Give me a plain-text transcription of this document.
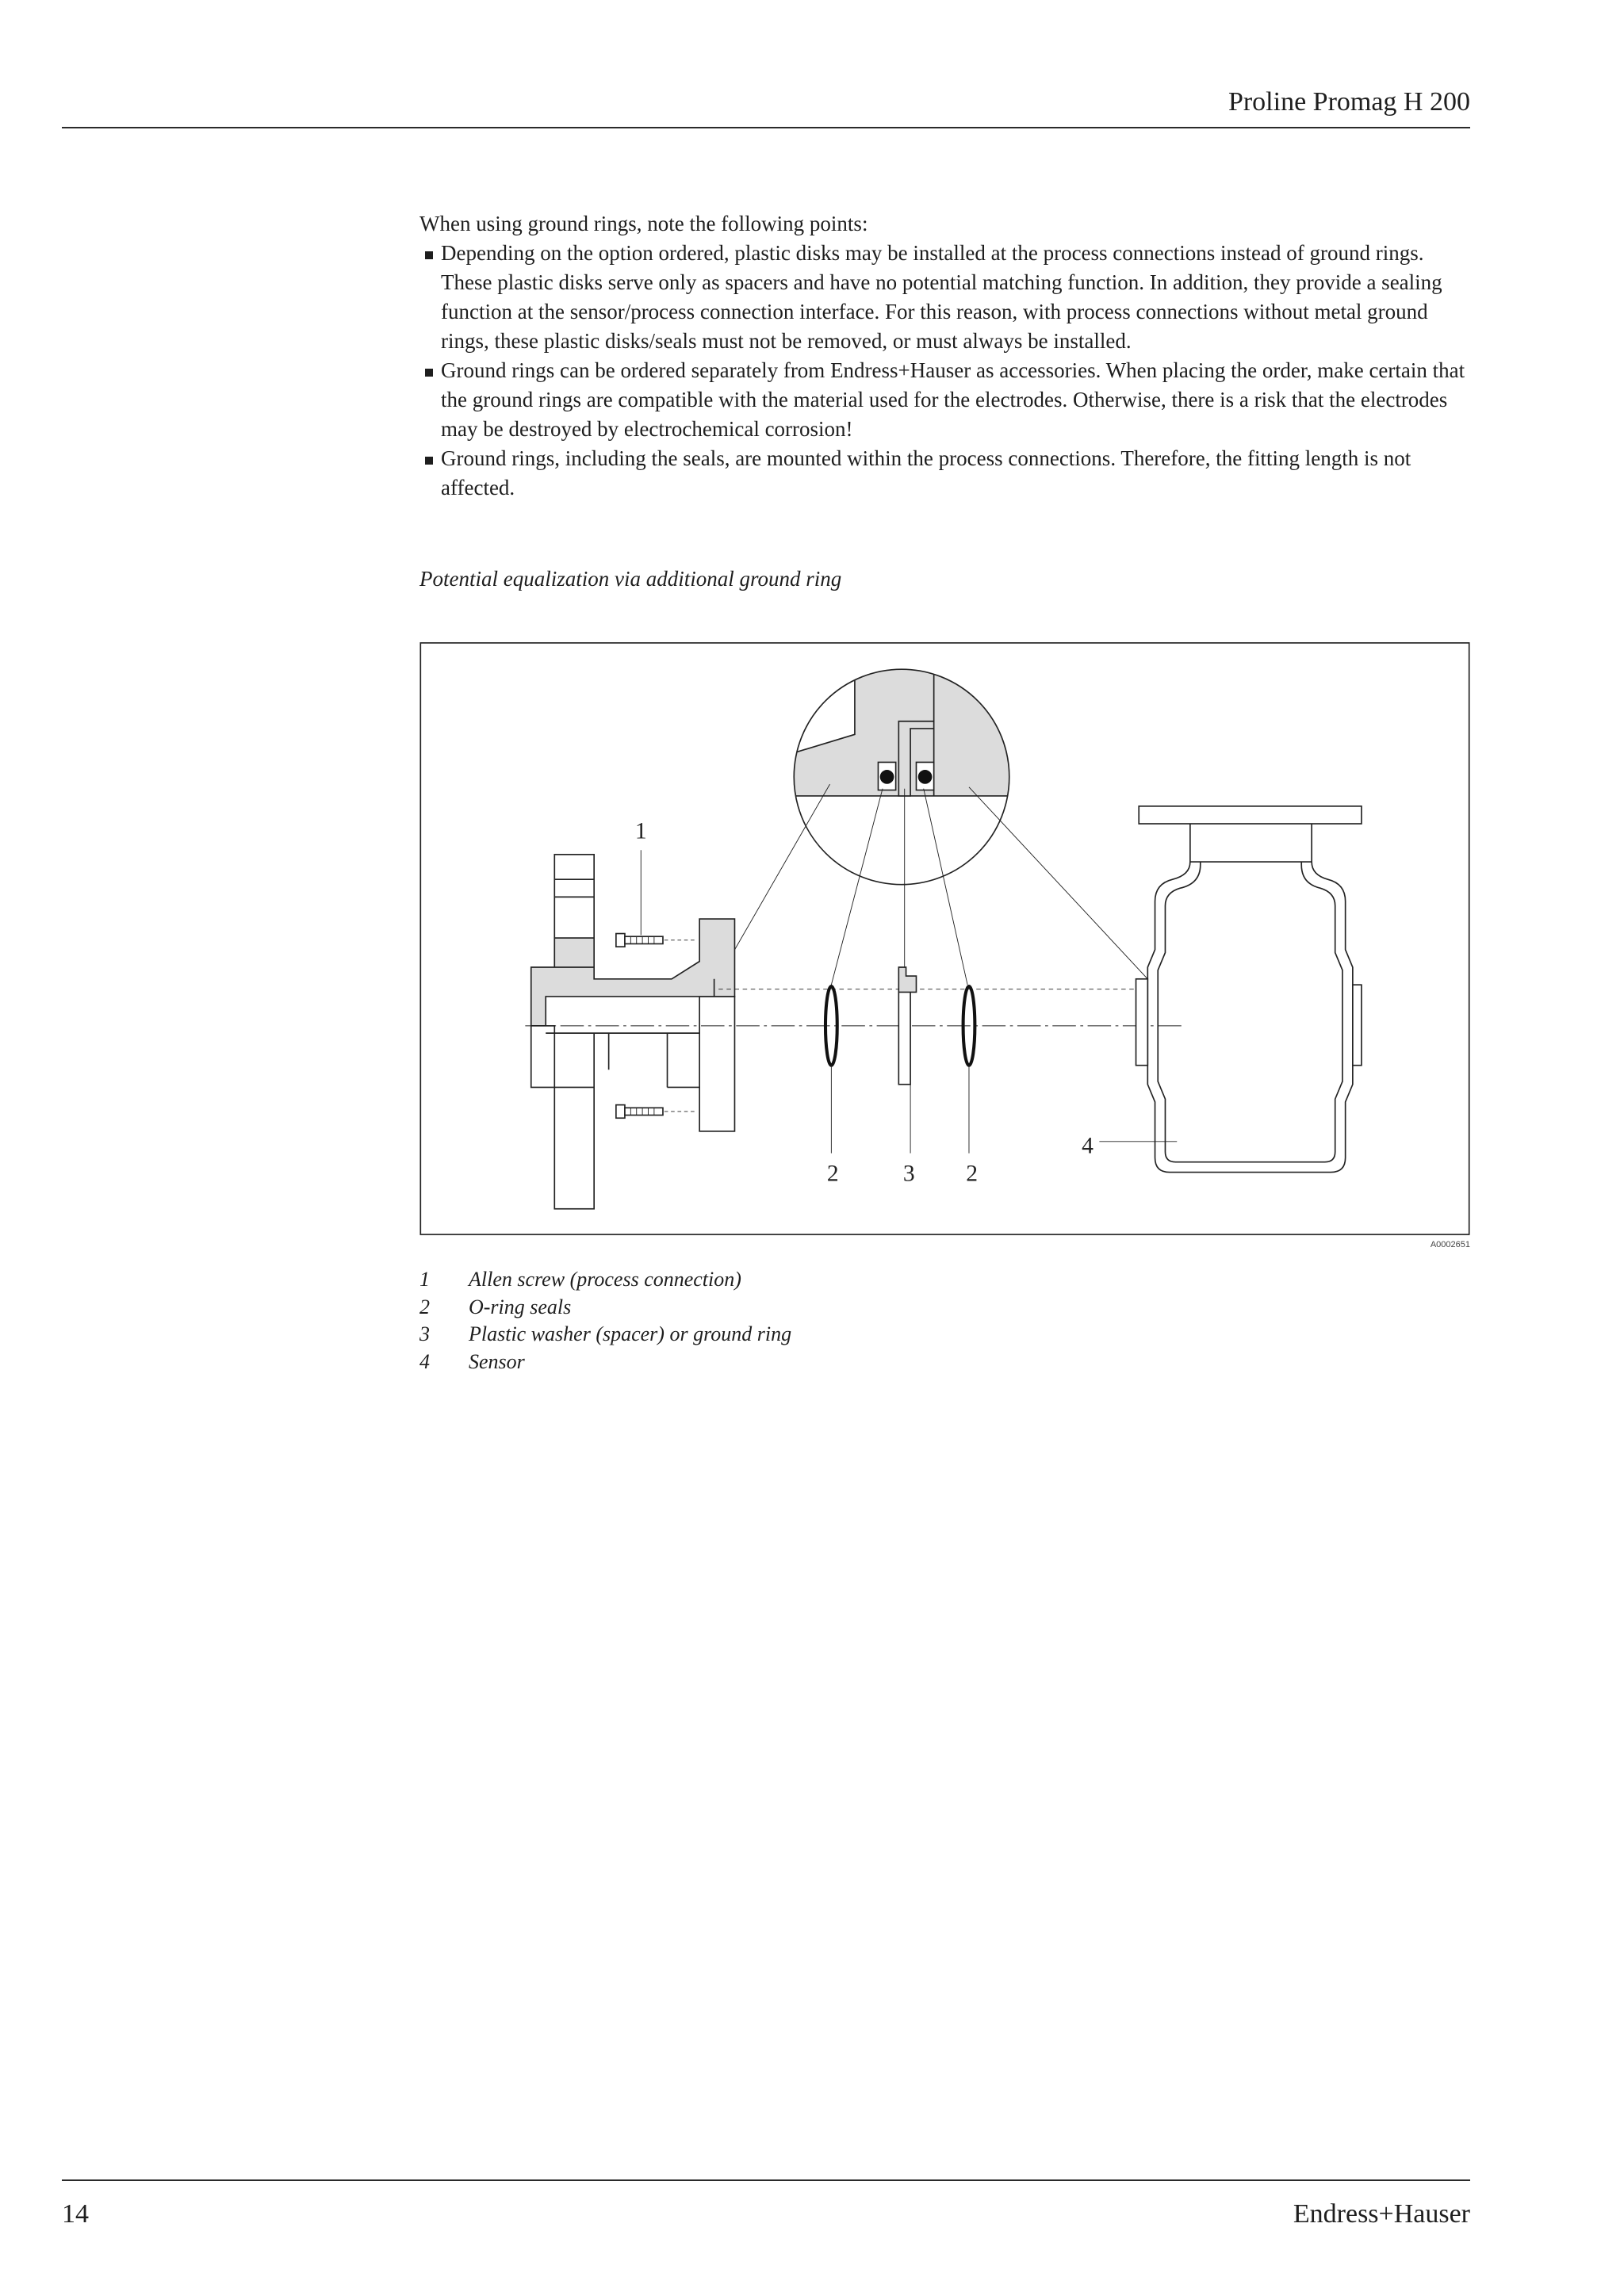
Proline Promag H 200

When using ground rings, note the following points:

Depending on the option ordered, plastic disks may be installed at the process connections instead of ground rings. These plastic disks serve only as spacers and have no potential matching function. In addition, they provide a sealing function at the sensor/process connection interface. For this reason, with process connections without metal ground rings, these plastic disks/seals must not be removed, or must always be installed.
Ground rings can be ordered separately from Endress+Hauser as accessories. When placing the order, make certain that the ground rings are compatible with the material used for the electrodes. Otherwise, there is a risk that the electrodes may be destroyed by electrochemical corrosion!
Ground rings, including the seals, are mounted within the process connections. Therefore, the fitting length is not affected.
Potential equalization via additional ground ring
1
2	3	2
4
A0002651
1	Allen screw (process connection)
2	O-ring seals
3	Plastic washer (spacer) or ground ring
4	Sensor
14	Endress+Hauser
